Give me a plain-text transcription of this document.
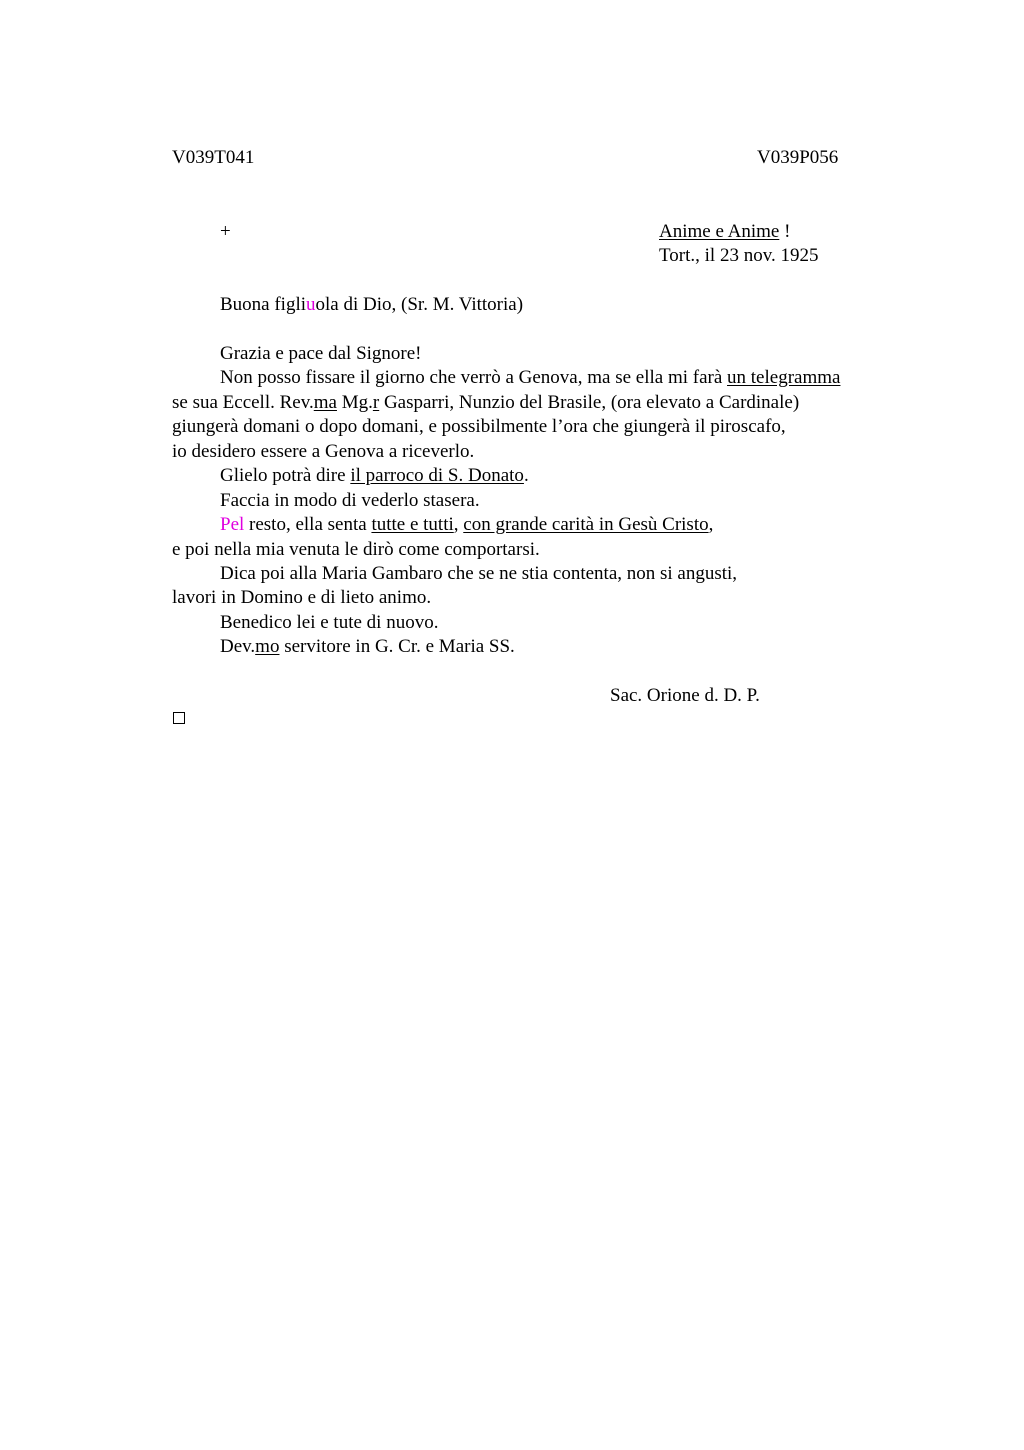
V039T041	V039P056
+	Anime e Anime !
Tort., il 23 nov. 1925
Buona figliuola di Dio, (Sr. M. Vittoria)
Grazia e pace dal Signore!
Non posso fissare il giorno che verrò a Genova, ma se ella mi farà un telegramma
se sua Eccell. Rev.ma Mg.r Gasparri, Nunzio del Brasile, (ora elevato a Cardinale)
giungerà domani o dopo domani, e possibilmente l’ora che giungerà il piroscafo,
io desidero essere a Genova a riceverlo.
Glielo potrà dire il parroco di S. Donato.
Faccia in modo di vederlo stasera.
Pel resto, ella senta tutte e tutti, con grande carità in Gesù Cristo,
e poi nella mia venuta le dirò come comportarsi.
Dica poi alla Maria Gambaro che se ne stia contenta, non si angusti,
lavori in Domino e di lieto animo.
Benedico lei e tute di nuovo.
Dev.mo servitore in G. Cr. e Maria SS.
Sac. Orione d. D. P.
